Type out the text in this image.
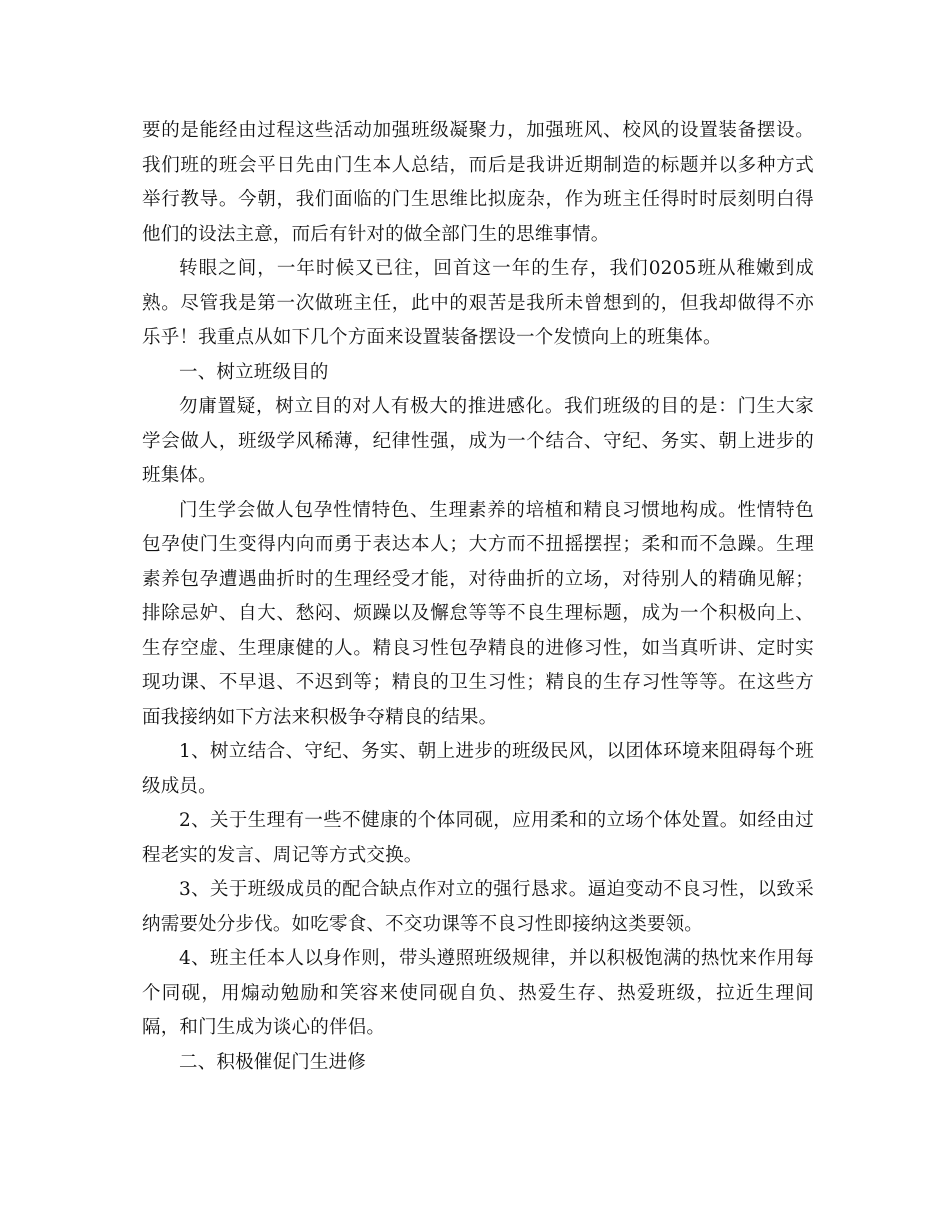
要的是能经由过程这些活动加强班级凝聚力，加强班风、校风的设置装备摆设。我们班的班会平日先由门生本人总结，而后是我讲近期制造的标题并以多种方式举行教导。今朝，我们面临的门生思维比拟庞杂，作为班主任得时时辰刻明白得他们的设法主意，而后有针对的做全部门生的思维事情。

转眼之间，一年时候又已往，回首这一年的生存，我们0205班从稚嫩到成熟。尽管我是第一次做班主任，此中的艰苦是我所未曾想到的，但我却做得不亦乐乎！我重点从如下几个方面来设置装备摆设一个发愤向上的班集体。

一、树立班级目的

勿庸置疑，树立目的对人有极大的推进感化。我们班级的目的是：门生大家学会做人，班级学风稀薄，纪律性强，成为一个结合、守纪、务实、朝上进步的班集体。

门生学会做人包孕性情特色、生理素养的培植和精良习惯地构成。性情特色包孕使门生变得内向而勇于表达本人；大方而不扭摇摆捏；柔和而不急躁。生理素养包孕遭遇曲折时的生理经受才能，对待曲折的立场，对待别人的精确见解；排除忌妒、自大、愁闷、烦躁以及懈怠等等不良生理标题，成为一个积极向上、生存空虚、生理康健的人。精良习性包孕精良的进修习性，如当真听讲、定时实现功课、不早退、不迟到等；精良的卫生习性；精良的生存习性等等。在这些方面我接纳如下方法来积极争夺精良的结果。

1、树立结合、守纪、务实、朝上进步的班级民风，以团体环境来阻碍每个班级成员。

2、关于生理有一些不健康的个体同砚，应用柔和的立场个体处置。如经由过程老实的发言、周记等方式交换。

3、关于班级成员的配合缺点作对立的强行恳求。逼迫变动不良习性，以致采纳需要处分步伐。如吃零食、不交功课等不良习性即接纳这类要领。

4、班主任本人以身作则，带头遵照班级规律，并以积极饱满的热忱来作用每个同砚，用煽动勉励和笑容来使同砚自负、热爱生存、热爱班级，拉近生理间隔，和门生成为谈心的伴侣。

二、积极催促门生进修
